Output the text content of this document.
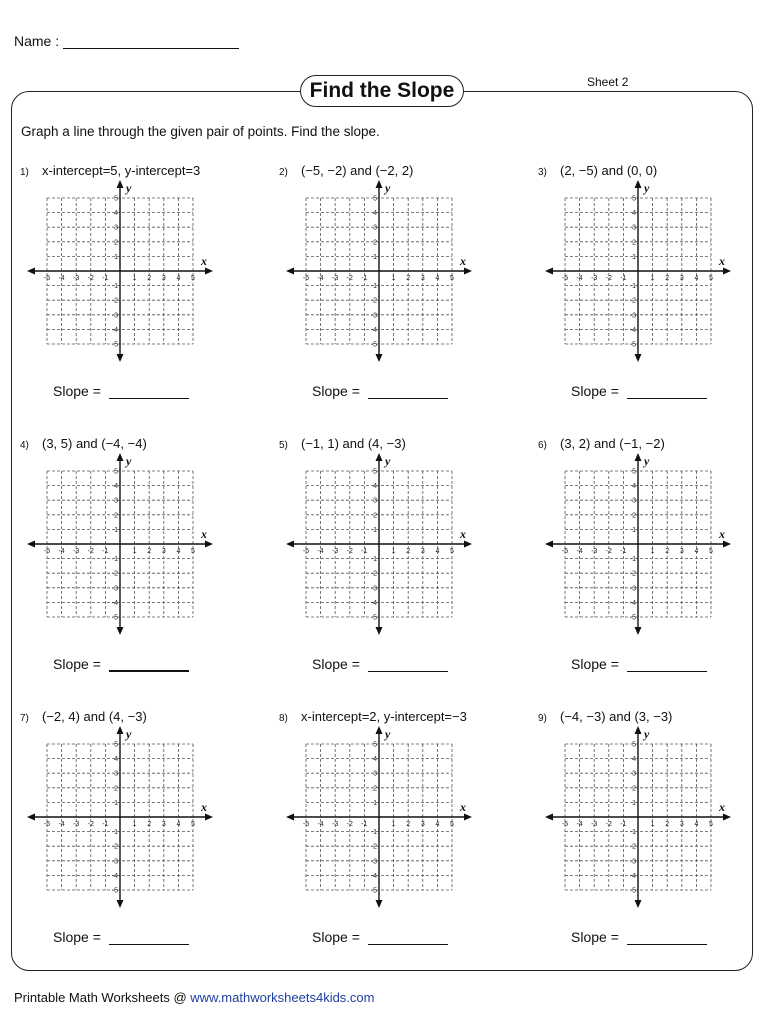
Name :
Find the Slope	Sheet 2
Graph a line through the given pair of points. Find the slope.
1) x-intercept=5, y-intercept=3
x
y
-5
-5
-4
-4
-3
-3
-2
-2
-1
-1
1
1
2
2
3
3
4
4
5
5
Slope =
2) (−5, −2) and (−2, 2)
x
y
-5
-5
-4
-4
-3
-3
-2
-2
-1
-1
1
1
2
2
3
3
4
4
5
5
Slope =
3) (2, −5) and (0, 0)
x
y
-5
-5
-4
-4
-3
-3
-2
-2
-1
-1
1
1
2
2
3
3
4
4
5
5
Slope =
4) (3, 5) and (−4, −4)
x
y
-5
-5
-4
-4
-3
-3
-2
-2
-1
-1
1
1
2
2
3
3
4
4
5
5
Slope =
5) (−1, 1) and (4, −3)
x
y
-5
-5
-4
-4
-3
-3
-2
-2
-1
-1
1
1
2
2
3
3
4
4
5
5
Slope =
6) (3, 2) and (−1, −2)
x
y
-5
-5
-4
-4
-3
-3
-2
-2
-1
-1
1
1
2
2
3
3
4
4
5
5
Slope =
7) (−2, 4) and (4, −3)
x
y
-5
-5
-4
-4
-3
-3
-2
-2
-1
-1
1
1
2
2
3
3
4
4
5
5
Slope =
8) x-intercept=2, y-intercept=−3
x
y
-5
-5
-4
-4
-3
-3
-2
-2
-1
-1
1
1
2
2
3
3
4
4
5
5
Slope =
9) (−4, −3) and (3, −3)
x
y
-5
-5
-4
-4
-3
-3
-2
-2
-1
-1
1
1
2
2
3
3
4
4
5
5
Slope =
Printable Math Worksheets @ www.mathworksheets4kids.com
